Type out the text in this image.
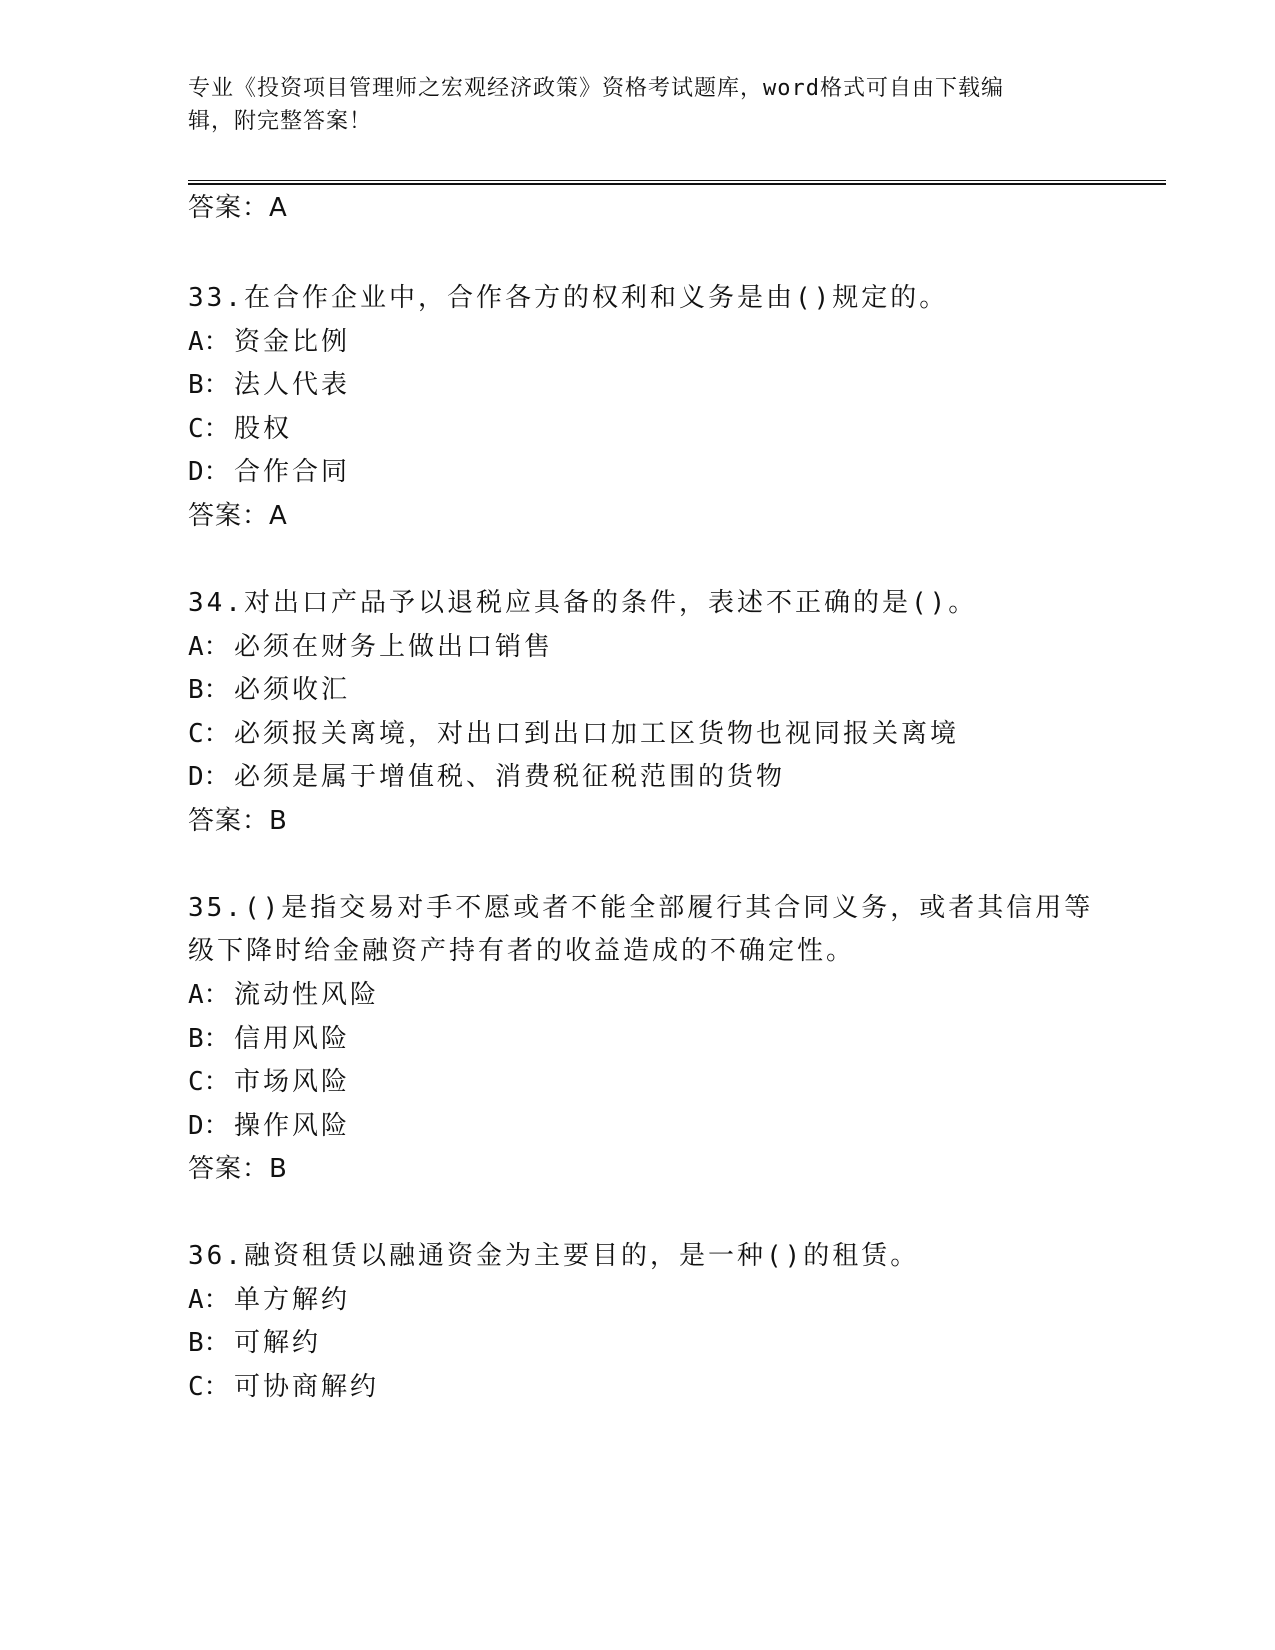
专业《投资项目管理师之宏观经济政策》资格考试题库，word格式可自由下载编
辑，附完整答案！
答案：A
33.在合作企业中，合作各方的权利和义务是由()规定的。
A： 资金比例
B： 法人代表
C： 股权
D： 合作合同
答案：A
34.对出口产品予以退税应具备的条件，表述不正确的是()。
A： 必须在财务上做出口销售
B： 必须收汇
C： 必须报关离境，对出口到出口加工区货物也视同报关离境
D： 必须是属于增值税、消费税征税范围的货物
答案：B
35.()是指交易对手不愿或者不能全部履行其合同义务，或者其信用等
级下降时给金融资产持有者的收益造成的不确定性。
A： 流动性风险
B： 信用风险
C： 市场风险
D： 操作风险
答案：B
36.融资租赁以融通资金为主要目的，是一种()的租赁。
A： 单方解约
B： 可解约
C： 可协商解约
